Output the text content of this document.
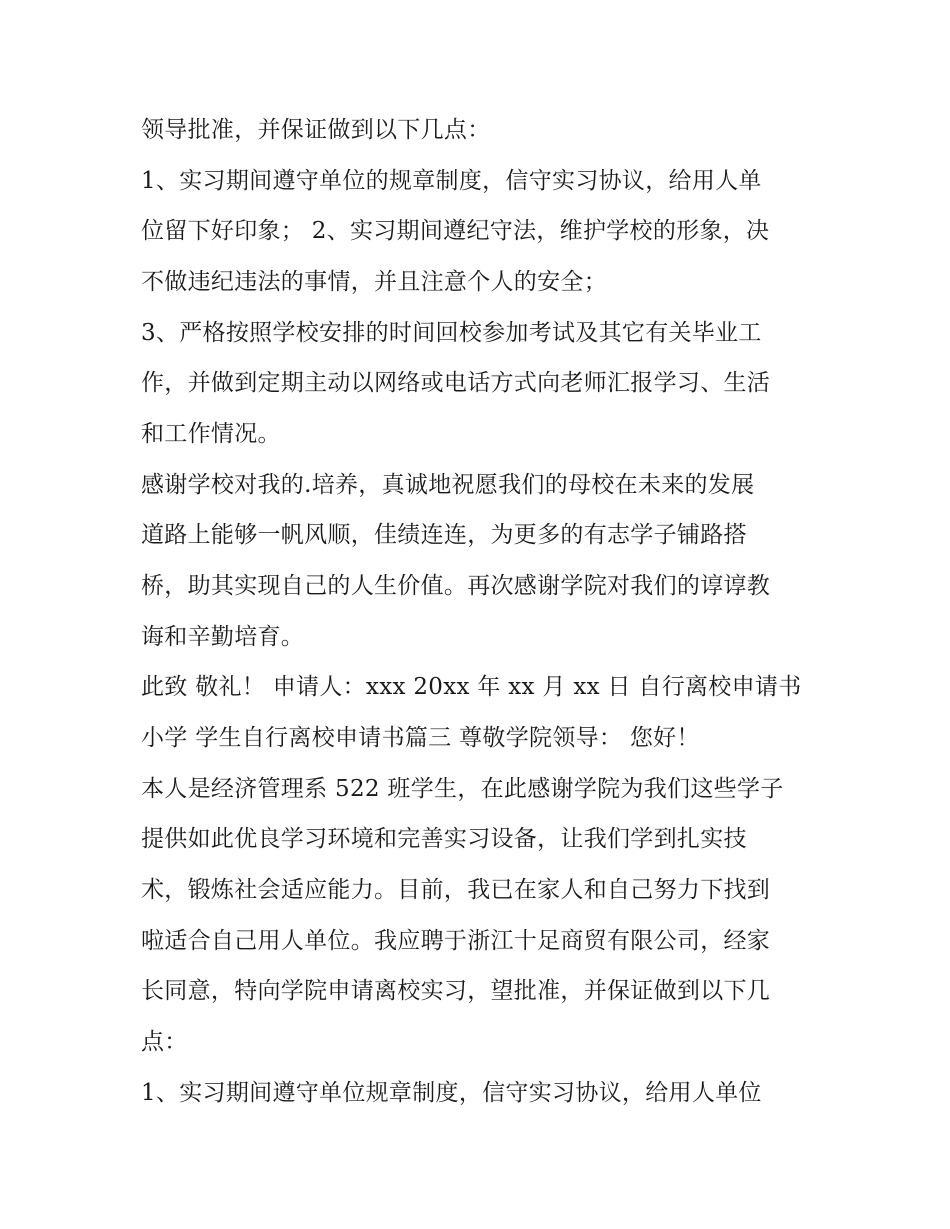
领导批准，并保证做到以下几点：
1、实习期间遵守单位的规章制度，信守实习协议，给用人单
位留下好印象； 2、实习期间遵纪守法，维护学校的形象，决
不做违纪违法的事情，并且注意个人的安全；
3、严格按照学校安排的时间回校参加考试及其它有关毕业工
作，并做到定期主动以网络或电话方式向老师汇报学习、生活
和工作情况。
感谢学校对我的.培养，真诚地祝愿我们的母校在未来的发展
道路上能够一帆风顺，佳绩连连，为更多的有志学子铺路搭
桥，助其实现自己的人生价值。再次感谢学院对我们的谆谆教
诲和辛勤培育。
此致 敬礼！ 申请人：xxx 20xx 年 xx 月 xx 日 自行离校申请书
小学 学生自行离校申请书篇三 尊敬学院领导： 您好！
本人是经济管理系 522 班学生，在此感谢学院为我们这些学子
提供如此优良学习环境和完善实习设备，让我们学到扎实技
术，锻炼社会适应能力。目前，我已在家人和自己努力下找到
啦适合自己用人单位。我应聘于浙江十足商贸有限公司，经家
长同意，特向学院申请离校实习，望批准，并保证做到以下几
点：
1、实习期间遵守单位规章制度，信守实习协议，给用人单位
